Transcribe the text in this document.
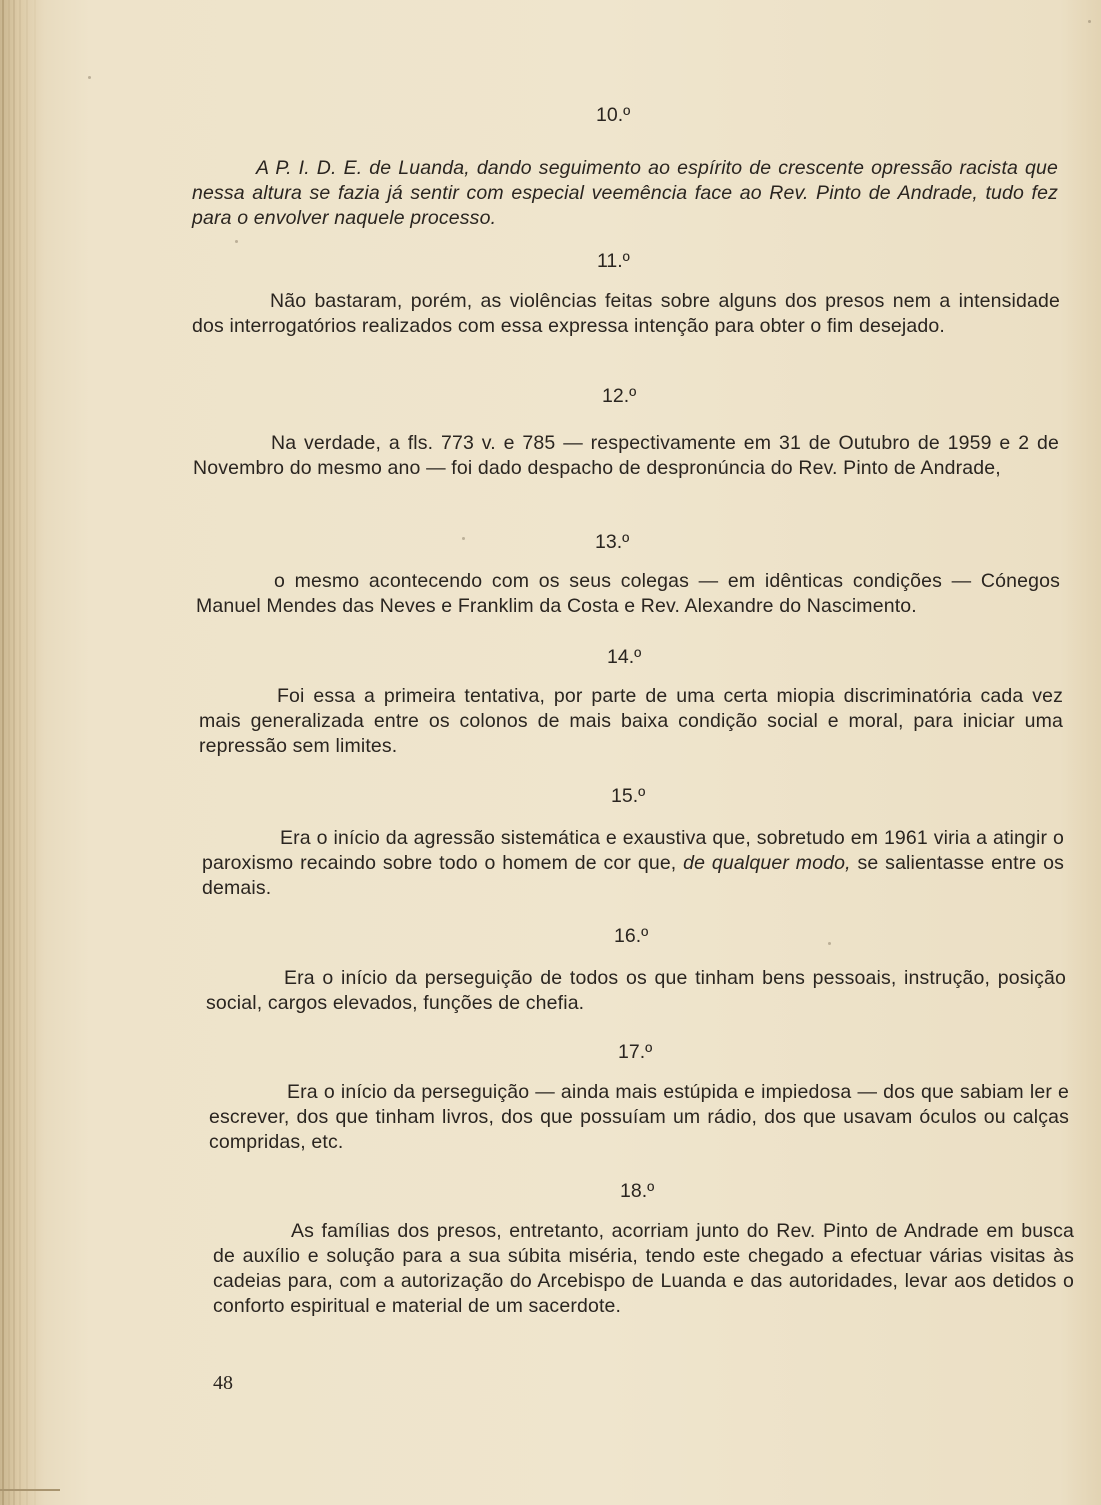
10.º

A P. I. D. E. de Luanda, dando seguimento ao espírito de crescente opressão racista que nessa altura se fazia já sentir com especial veemência face ao Rev. Pinto de Andrade, tudo fez para o envolver naquele processo.

11.º

Não bastaram, porém, as violências feitas sobre alguns dos presos nem a intensidade dos interrogatórios realizados com essa expressa intenção para obter o fim desejado.

12.º

Na verdade, a fls. 773 v. e 785 — respectivamente em 31 de Outubro de 1959 e 2 de Novembro do mesmo ano — foi dado despacho de despronúncia do Rev. Pinto de Andrade,

13.º

o mesmo acontecendo com os seus colegas — em idênticas condições — Cónegos Manuel Mendes das Neves e Franklim da Costa e Rev. Alexandre do Nascimento.

14.º

Foi essa a primeira tentativa, por parte de uma certa miopia discriminatória cada vez mais generalizada entre os colonos de mais baixa condição social e moral, para iniciar uma repressão sem limites.

15.º

Era o início da agressão sistemática e exaustiva que, sobretudo em 1961 viria a atingir o paroxismo recaindo sobre todo o homem de cor que, de qualquer modo, se salientasse entre os demais.

16.º

Era o início da perseguição de todos os que tinham bens pessoais, instrução, posição social, cargos elevados, funções de chefia.

17.º

Era o início da perseguição — ainda mais estúpida e impiedosa — dos que sabiam ler e escrever, dos que tinham livros, dos que possuíam um rádio, dos que usavam óculos ou calças compridas, etc.

18.º

As famílias dos presos, entretanto, acorriam junto do Rev. Pinto de Andrade em busca de auxílio e solução para a sua súbita miséria, tendo este chegado a efectuar várias visitas às cadeias para, com a autorização do Arcebispo de Luanda e das autoridades, levar aos detidos o conforto espiritual e material de um sacerdote.

48
